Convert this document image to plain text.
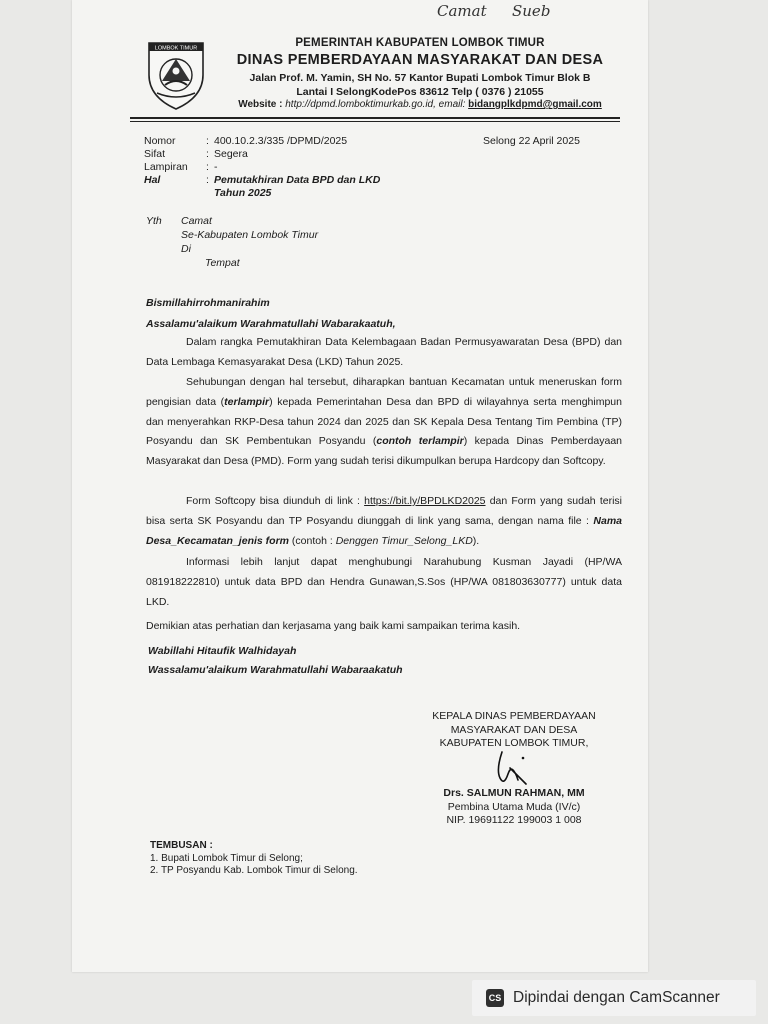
Camat Sueb
LOMBOK TIMUR	PEMERINTAH KABUPATEN LOMBOK TIMUR
DINAS PEMBERDAYAAN MASYARAKAT DAN DESA
Jalan Prof. M. Yamin, SH No. 57 Kantor Bupati Lombok Timur Blok B
Lantai I SelongKodePos 83612 Telp ( 0376 ) 21055
Website : http://dpmd.lomboktimurkab.go.id, email: bidangplkdpmd@gmail.com
Nomor	: 400.10.2.3/335 /DPMD/2025	Selong 22 April 2025
Sifat	: Segera
Lampiran : -
Hal	: Pemutakhiran Data BPD dan LKD
Tahun 2025
Yth Camat
Se-Kabupaten Lombok Timur
Di
Tempat
Bismillahirrohmanirahim
Assalamu'alaikum Warahmatullahi Wabarakaatuh,
Dalam rangka Pemutakhiran Data Kelembagaan Badan Permusyawaratan Desa (BPD) dan Data Lembaga Kemasyarakat Desa (LKD) Tahun 2025.
Sehubungan dengan hal tersebut, diharapkan bantuan Kecamatan untuk meneruskan form pengisian data (terlampir) kepada Pemerintahan Desa dan BPD di wilayahnya serta menghimpun dan menyerahkan RKP-Desa tahun 2024 dan 2025 dan SK Kepala Desa Tentang Tim Pembina (TP) Posyandu dan SK Pembentukan Posyandu (contoh terlampir) kepada Dinas Pemberdayaan Masyarakat dan Desa (PMD). Form yang sudah terisi dikumpulkan berupa Hardcopy dan Softcopy.
Form Softcopy bisa diunduh di link : https://bit.ly/BPDLKD2025 dan Form yang sudah terisi bisa serta SK Posyandu dan TP Posyandu diunggah di link yang sama, dengan nama file : Nama Desa_Kecamatan_jenis form (contoh : Denggen Timur_Selong_LKD).
Informasi lebih lanjut dapat menghubungi Narahubung Kusman Jayadi (HP/WA 081918222810) untuk data BPD dan Hendra Gunawan,S.Sos (HP/WA 081803630777) untuk data LKD.
Demikian atas perhatian dan kerjasama yang baik kami sampaikan terima kasih.
Wabillahi Hitaufik Walhidayah
Wassalamu'alaikum Warahmatullahi Wabaraakatuh
KEPALA DINAS PEMBERDAYAAN
MASYARAKAT DAN DESA
KABUPATEN LOMBOK TIMUR,
Drs. SALMUN RAHMAN, MM
Pembina Utama Muda (IV/c)
NIP. 19691122 199003 1 008
TEMBUSAN :
1. Bupati Lombok Timur di Selong;
2. TP Posyandu Kab. Lombok Timur di Selong.
CS Dipindai dengan CamScanner
